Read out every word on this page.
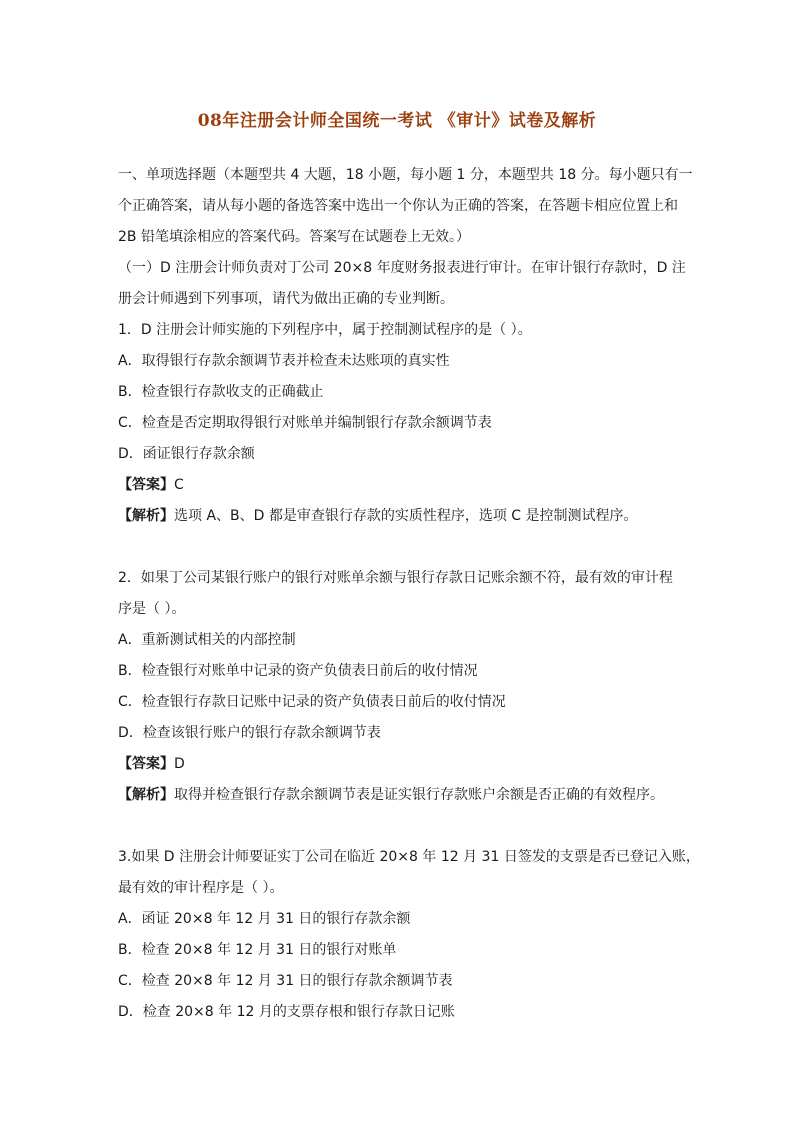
08年注册会计师全国统一考试 《审计》试卷及解析
一、单项选择题（本题型共 4 大题，18 小题，每小题 1 分，本题型共 18 分。每小题只有一
个正确答案，请从每小题的备选答案中选出一个你认为正确的答案，在答题卡相应位置上和
2B 铅笔填涂相应的答案代码。答案写在试题卷上无效。）
（一）D 注册会计师负责对丁公司 20×8 年度财务报表进行审计。在审计银行存款时，D 注
册会计师遇到下列事项，请代为做出正确的专业判断。
1．D 注册会计师实施的下列程序中，属于控制测试程序的是（ ）。
A．取得银行存款余额调节表并检查未达账项的真实性
B．检查银行存款收支的正确截止
C．检查是否定期取得银行对账单并编制银行存款余额调节表
D．函证银行存款余额
【答案】C
【解析】选项 A、B、D 都是审查银行存款的实质性程序，选项 C 是控制测试程序。
2．如果丁公司某银行账户的银行对账单余额与银行存款日记账余额不符，最有效的审计程
序是（ ）。
A．重新测试相关的内部控制
B．检查银行对账单中记录的资产负债表日前后的收付情况
C．检查银行存款日记账中记录的资产负债表日前后的收付情况
D．检查该银行账户的银行存款余额调节表
【答案】D
【解析】取得并检查银行存款余额调节表是证实银行存款账户余额是否正确的有效程序。
3.如果 D 注册会计师要证实丁公司在临近 20×8 年 12 月 31 日签发的支票是否已登记入账，
最有效的审计程序是（ ）。
A．函证 20×8 年 12 月 31 日的银行存款余额
B．检查 20×8 年 12 月 31 日的银行对账单
C．检查 20×8 年 12 月 31 日的银行存款余额调节表
D．检查 20×8 年 12 月的支票存根和银行存款日记账
